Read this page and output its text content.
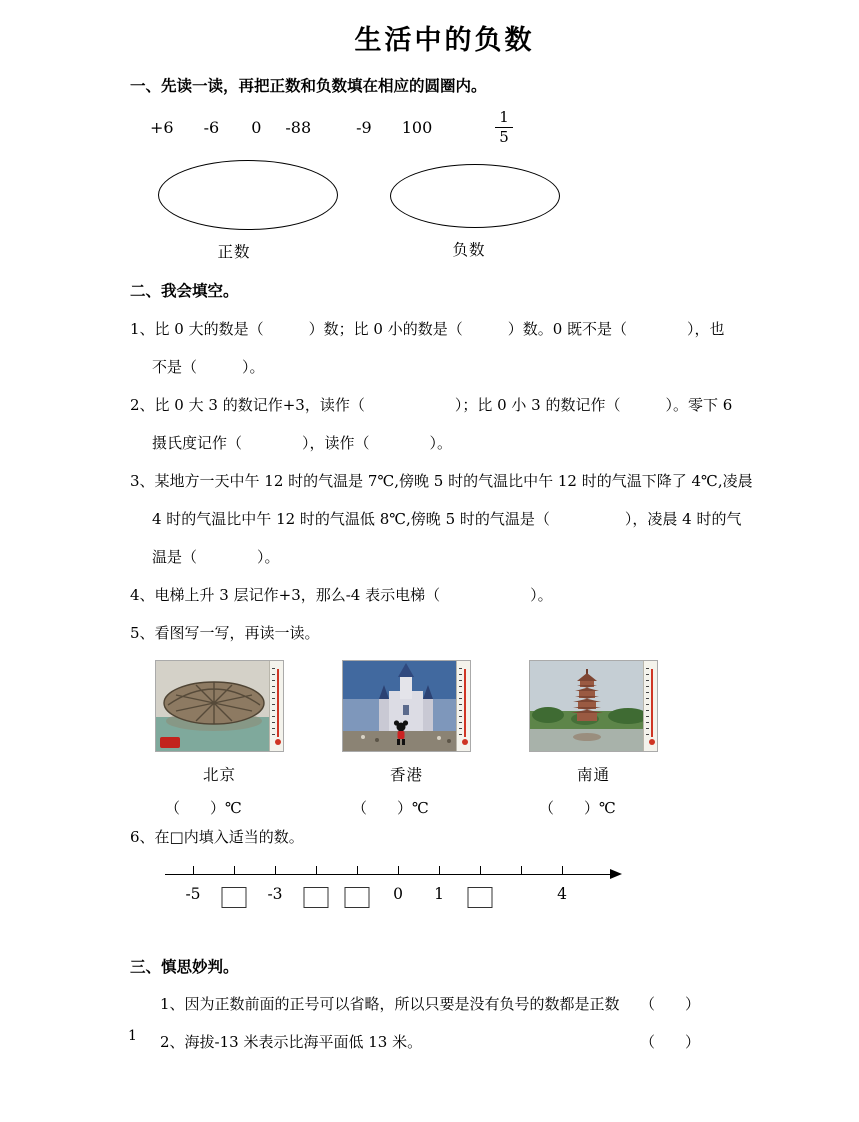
生活中的负数
一、先读一读，再把正数和负数填在相应的圆圈内。
+6 -6 0 -88	-9 100	$\frac{1}{5}$
正数	负数
二、我会填空。
1、比 0 大的数是（　　　）数；比 0 小的数是（　　　）数。0 既不是（　　　　），也
不是（　　　）。
2、比 0 大 3 的数记作+3，读作（　　　　　　）；比 0 小 3 的数记作（　　　）。零下 6
摄氏度记作（　　　　），读作（　　　　）。
3、某地方一天中午 12 时的气温是 7℃,傍晚 5 时的气温比中午 12 时的气温下降了 4℃,凌晨
4 时的气温比中午 12 时的气温低 8℃,傍晚 5 时的气温是（　　　　　），凌晨 4 时的气
温是（　　　　）。
4、电梯上升 3 层记作+3，那么-4 表示电梯（　　　　　　）。
5、看图写一写，再读一读。
北京
（　　）℃
香港
（　　）℃
南通
（　　）℃
6、在□内填入适当的数。
-5	-3	0 1	4
三、慎思妙判。
1、因为正数前面的正号可以省略，所以只要是没有负号的数都是正数 （　　）
2、海拔-13 米表示比海平面低 13 米。	（　　）
1
